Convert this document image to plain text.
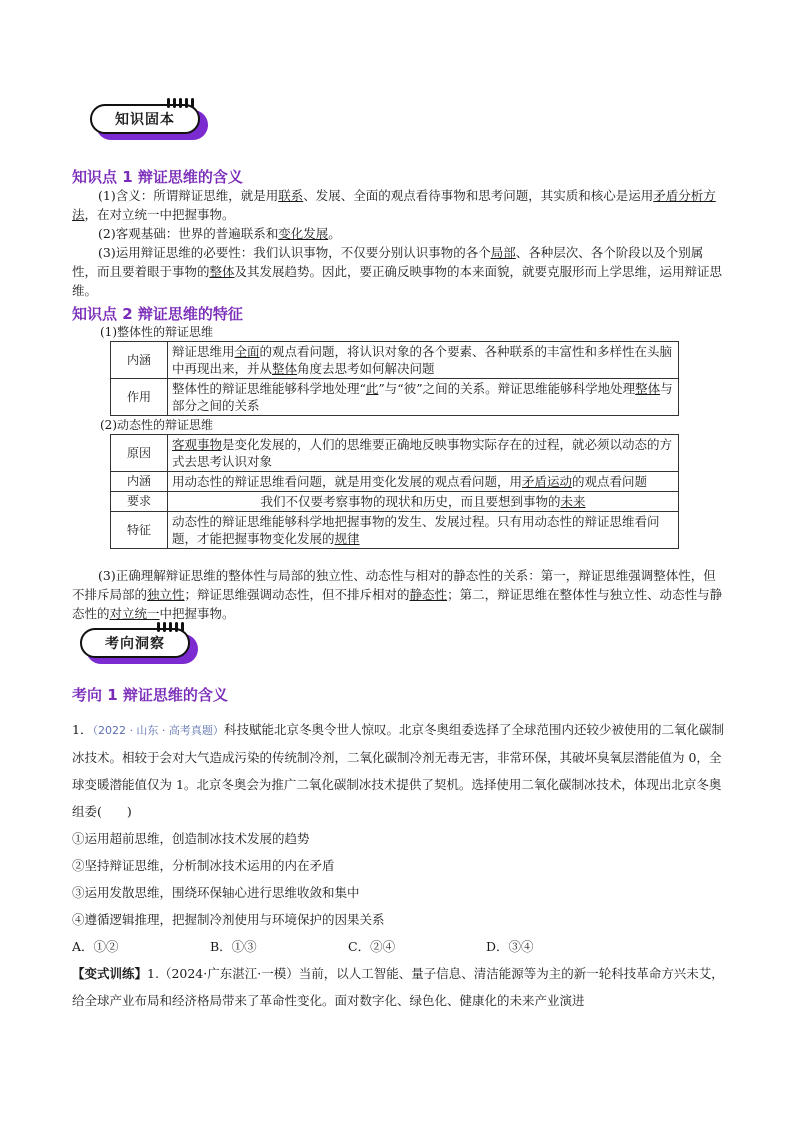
知识固本
知识点 1 辩证思维的含义
(1)含义：所谓辩证思维，就是用联系、发展、全面的观点看待事物和思考问题，其实质和核心是运用矛盾分析方法，在对立统一中把握事物。
(2)客观基础：世界的普遍联系和变化发展。
(3)运用辩证思维的必要性：我们认识事物，不仅要分别认识事物的各个局部、各种层次、各个阶段以及个别属性，而且要着眼于事物的整体及其发展趋势。因此，要正确反映事物的本来面貌，就要克服形而上学思维，运用辩证思维。
知识点 2 辩证思维的特征
(1)整体性的辩证思维
内涵	辩证思维用全面的观点看问题，将认识对象的各个要素、各种联系的丰富性和多样性在头脑中再现出来，并从整体角度去思考如何解决问题
作用	整体性的辩证思维能够科学地处理“此”与“彼”之间的关系。辩证思维能够科学地处理整体与部分之间的关系
(2)动态性的辩证思维
原因	客观事物是变化发展的，人们的思维要正确地反映事物实际存在的过程，就必须以动态的方式去思考认识对象
内涵	用动态性的辩证思维看问题，就是用变化发展的观点看问题，用矛盾运动的观点看问题
要求	我们不仅要考察事物的现状和历史，而且要想到事物的未来
特征	动态性的辩证思维能够科学地把握事物的发生、发展过程。只有用动态性的辩证思维看问题，才能把握事物变化发展的规律
(3)正确理解辩证思维的整体性与局部的独立性、动态性与相对的静态性的关系：第一，辩证思维强调整体性，但不排斥局部的独立性；辩证思维强调动态性，但不排斥相对的静态性；第二，辩证思维在整体性与独立性、动态性与静态性的对立统一中把握事物。
考向洞察
考向 1 辩证思维的含义
1．（2022 · 山东 · 高考真题）科技赋能北京冬奥令世人惊叹。北京冬奥组委选择了全球范围内还较少被使用的二氧化碳制冰技术。相较于会对大气造成污染的传统制冷剂，二氧化碳制冷剂无毒无害，非常环保，其破坏臭氧层潜能值为 0，全球变暖潜能值仅为 1。北京冬奥会为推广二氧化碳制冰技术提供了契机。选择使用二氧化碳制冰技术，体现出北京冬奥组委(　　)
①运用超前思维，创造制冰技术发展的趋势
②坚持辩证思维，分析制冰技术运用的内在矛盾
③运用发散思维，围绕环保轴心进行思维收敛和集中
④遵循逻辑推理，把握制冷剂使用与环境保护的因果关系
A．①②	B．①③	C．②④	D．③④
【变式训练】1.（2024·广东湛江·一模）当前，以人工智能、量子信息、清洁能源等为主的新一轮科技革命方兴未艾，给全球产业布局和经济格局带来了革命性变化。面对数字化、绿色化、健康化的未来产业演进
